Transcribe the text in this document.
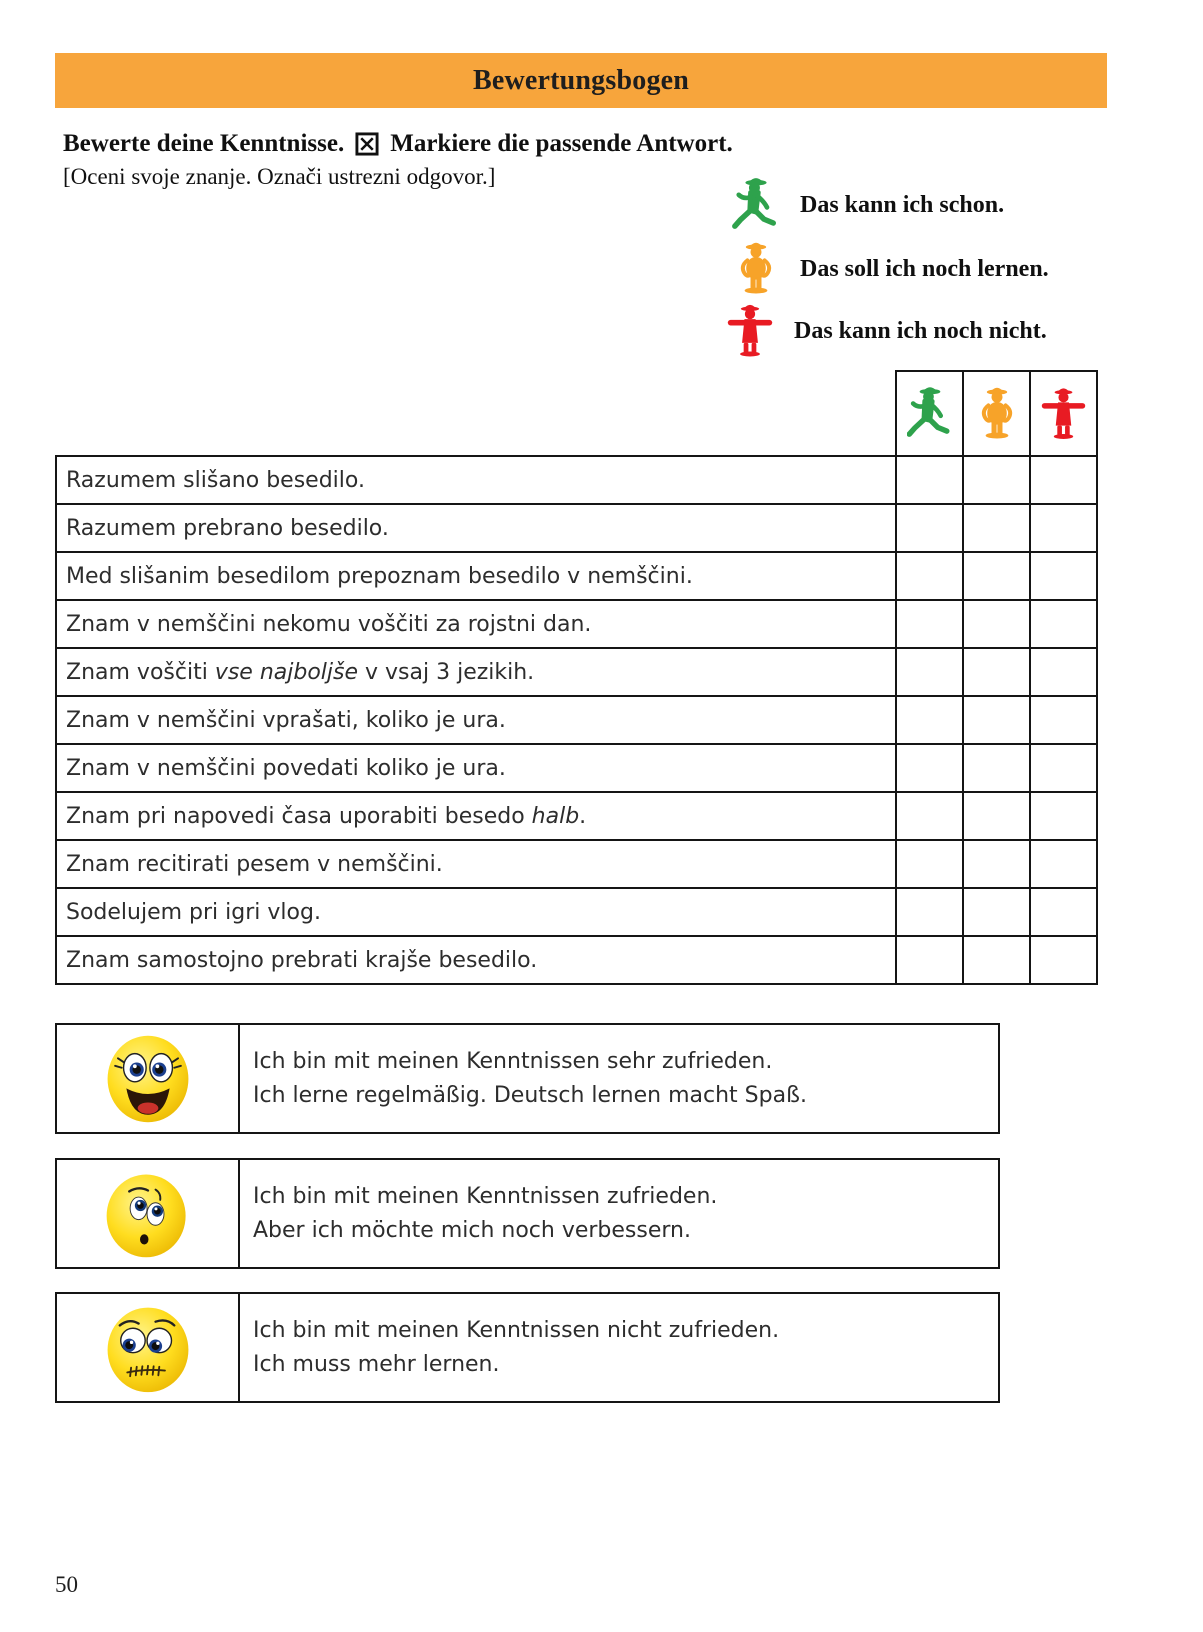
Bewertungsbogen
Bewerte deine Kenntnisse. Markiere die passende Antwort.
[Oceni svoje znanje. Označi ustrezni odgovor.]
Das kann ich schon.
Das soll ich noch lernen.
Das kann ich noch nicht.

Razumem slišano besedilo.			
Razumem prebrano besedilo.			
Med slišanim besedilom prepoznam besedilo v nemščini.			
Znam v nemščini nekomu voščiti za rojstni dan.			
Znam voščiti vse najboljše v vsaj 3 jezikih.			
Znam v nemščini vprašati, koliko je ura.			
Znam v nemščini povedati koliko je ura.			
Znam pri napovedi časa uporabiti besedo halb.			
Znam recitirati pesem v nemščini.			
Sodelujem pri igri vlog.			
Znam samostojno prebrati krajše besedilo.			
Ich bin mit meinen Kenntnissen sehr zufrieden.
Ich lerne regelmäßig. Deutsch lernen macht Spaß.
Ich bin mit meinen Kenntnissen zufrieden.
Aber ich möchte mich noch verbessern.
Ich bin mit meinen Kenntnissen nicht zufrieden.
Ich muss mehr lernen.
50
